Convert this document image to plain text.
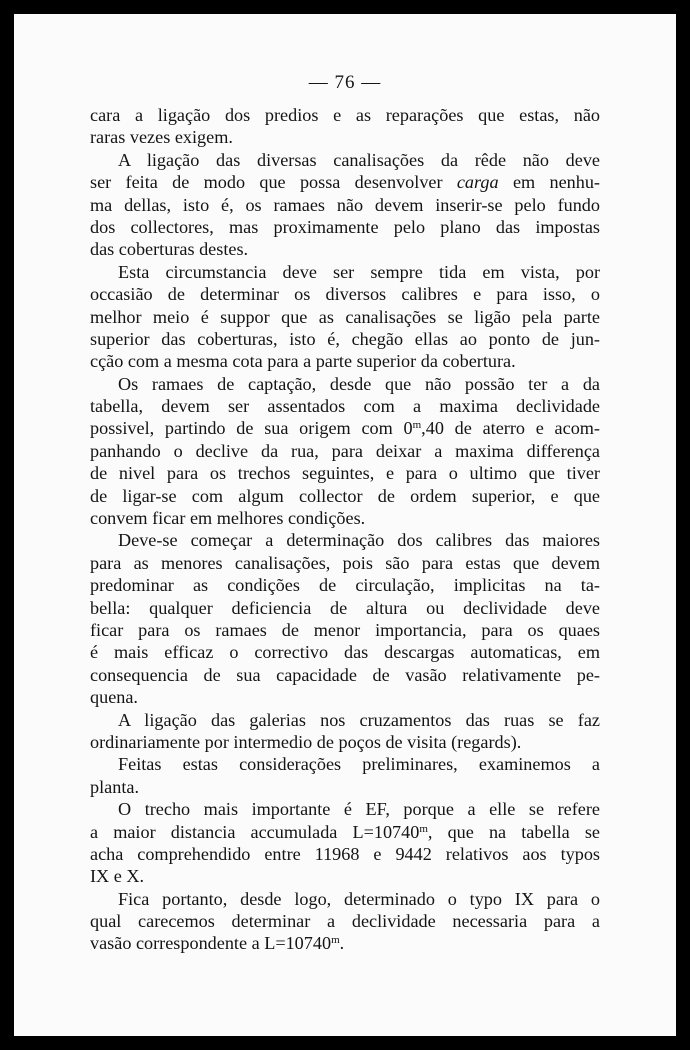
— 76 —
cara a ligação dos predios e as reparações que estas, não
raras vezes exigem.
A ligação das diversas canalisações da rêde não deve
ser feita de modo que possa desenvolver carga em nenhu-
ma dellas, isto é, os ramaes não devem inserir-se pelo fundo
dos collectores, mas proximamente pelo plano das impostas
das coberturas destes.
Esta circumstancia deve ser sempre tida em vista, por
occasião de determinar os diversos calibres e para isso, o
melhor meio é suppor que as canalisações se ligão pela parte
superior das coberturas, isto é, chegão ellas ao ponto de jun-
cção com a mesma cota para a parte superior da cobertura.
Os ramaes de captação, desde que não possão ter a da
tabella, devem ser assentados com a maxima declividade
possivel, partindo de sua origem com 0$^m$,40 de aterro e acom-
panhando o declive da rua, para deixar a maxima differença
de nivel para os trechos seguintes, e para o ultimo que tiver
de ligar-se com algum collector de ordem superior, e que
convem ficar em melhores condições.
Deve-se começar a determinação dos calibres das maiores
para as menores canalisações, pois são para estas que devem
predominar as condições de circulação, implicitas na ta-
bella: qualquer deficiencia de altura ou declividade deve
ficar para os ramaes de menor importancia, para os quaes
é mais efficaz o correctivo das descargas automaticas, em
consequencia de sua capacidade de vasão relativamente pe-
quena.
A ligação das galerias nos cruzamentos das ruas se faz
ordinariamente por intermedio de poços de visita (regards).
Feitas estas considerações preliminares, examinemos a
planta.
O trecho mais importante é EF, porque a elle se refere
a maior distancia accumulada $L=10740^m$, que na tabella se
acha comprehendido entre 11968 e 9442 relativos aos typos
IX e X.
Fica portanto, desde logo, determinado o typo IX para o
qual carecemos determinar a declividade necessaria para a
vasão correspondente a $L=10740^m$.
